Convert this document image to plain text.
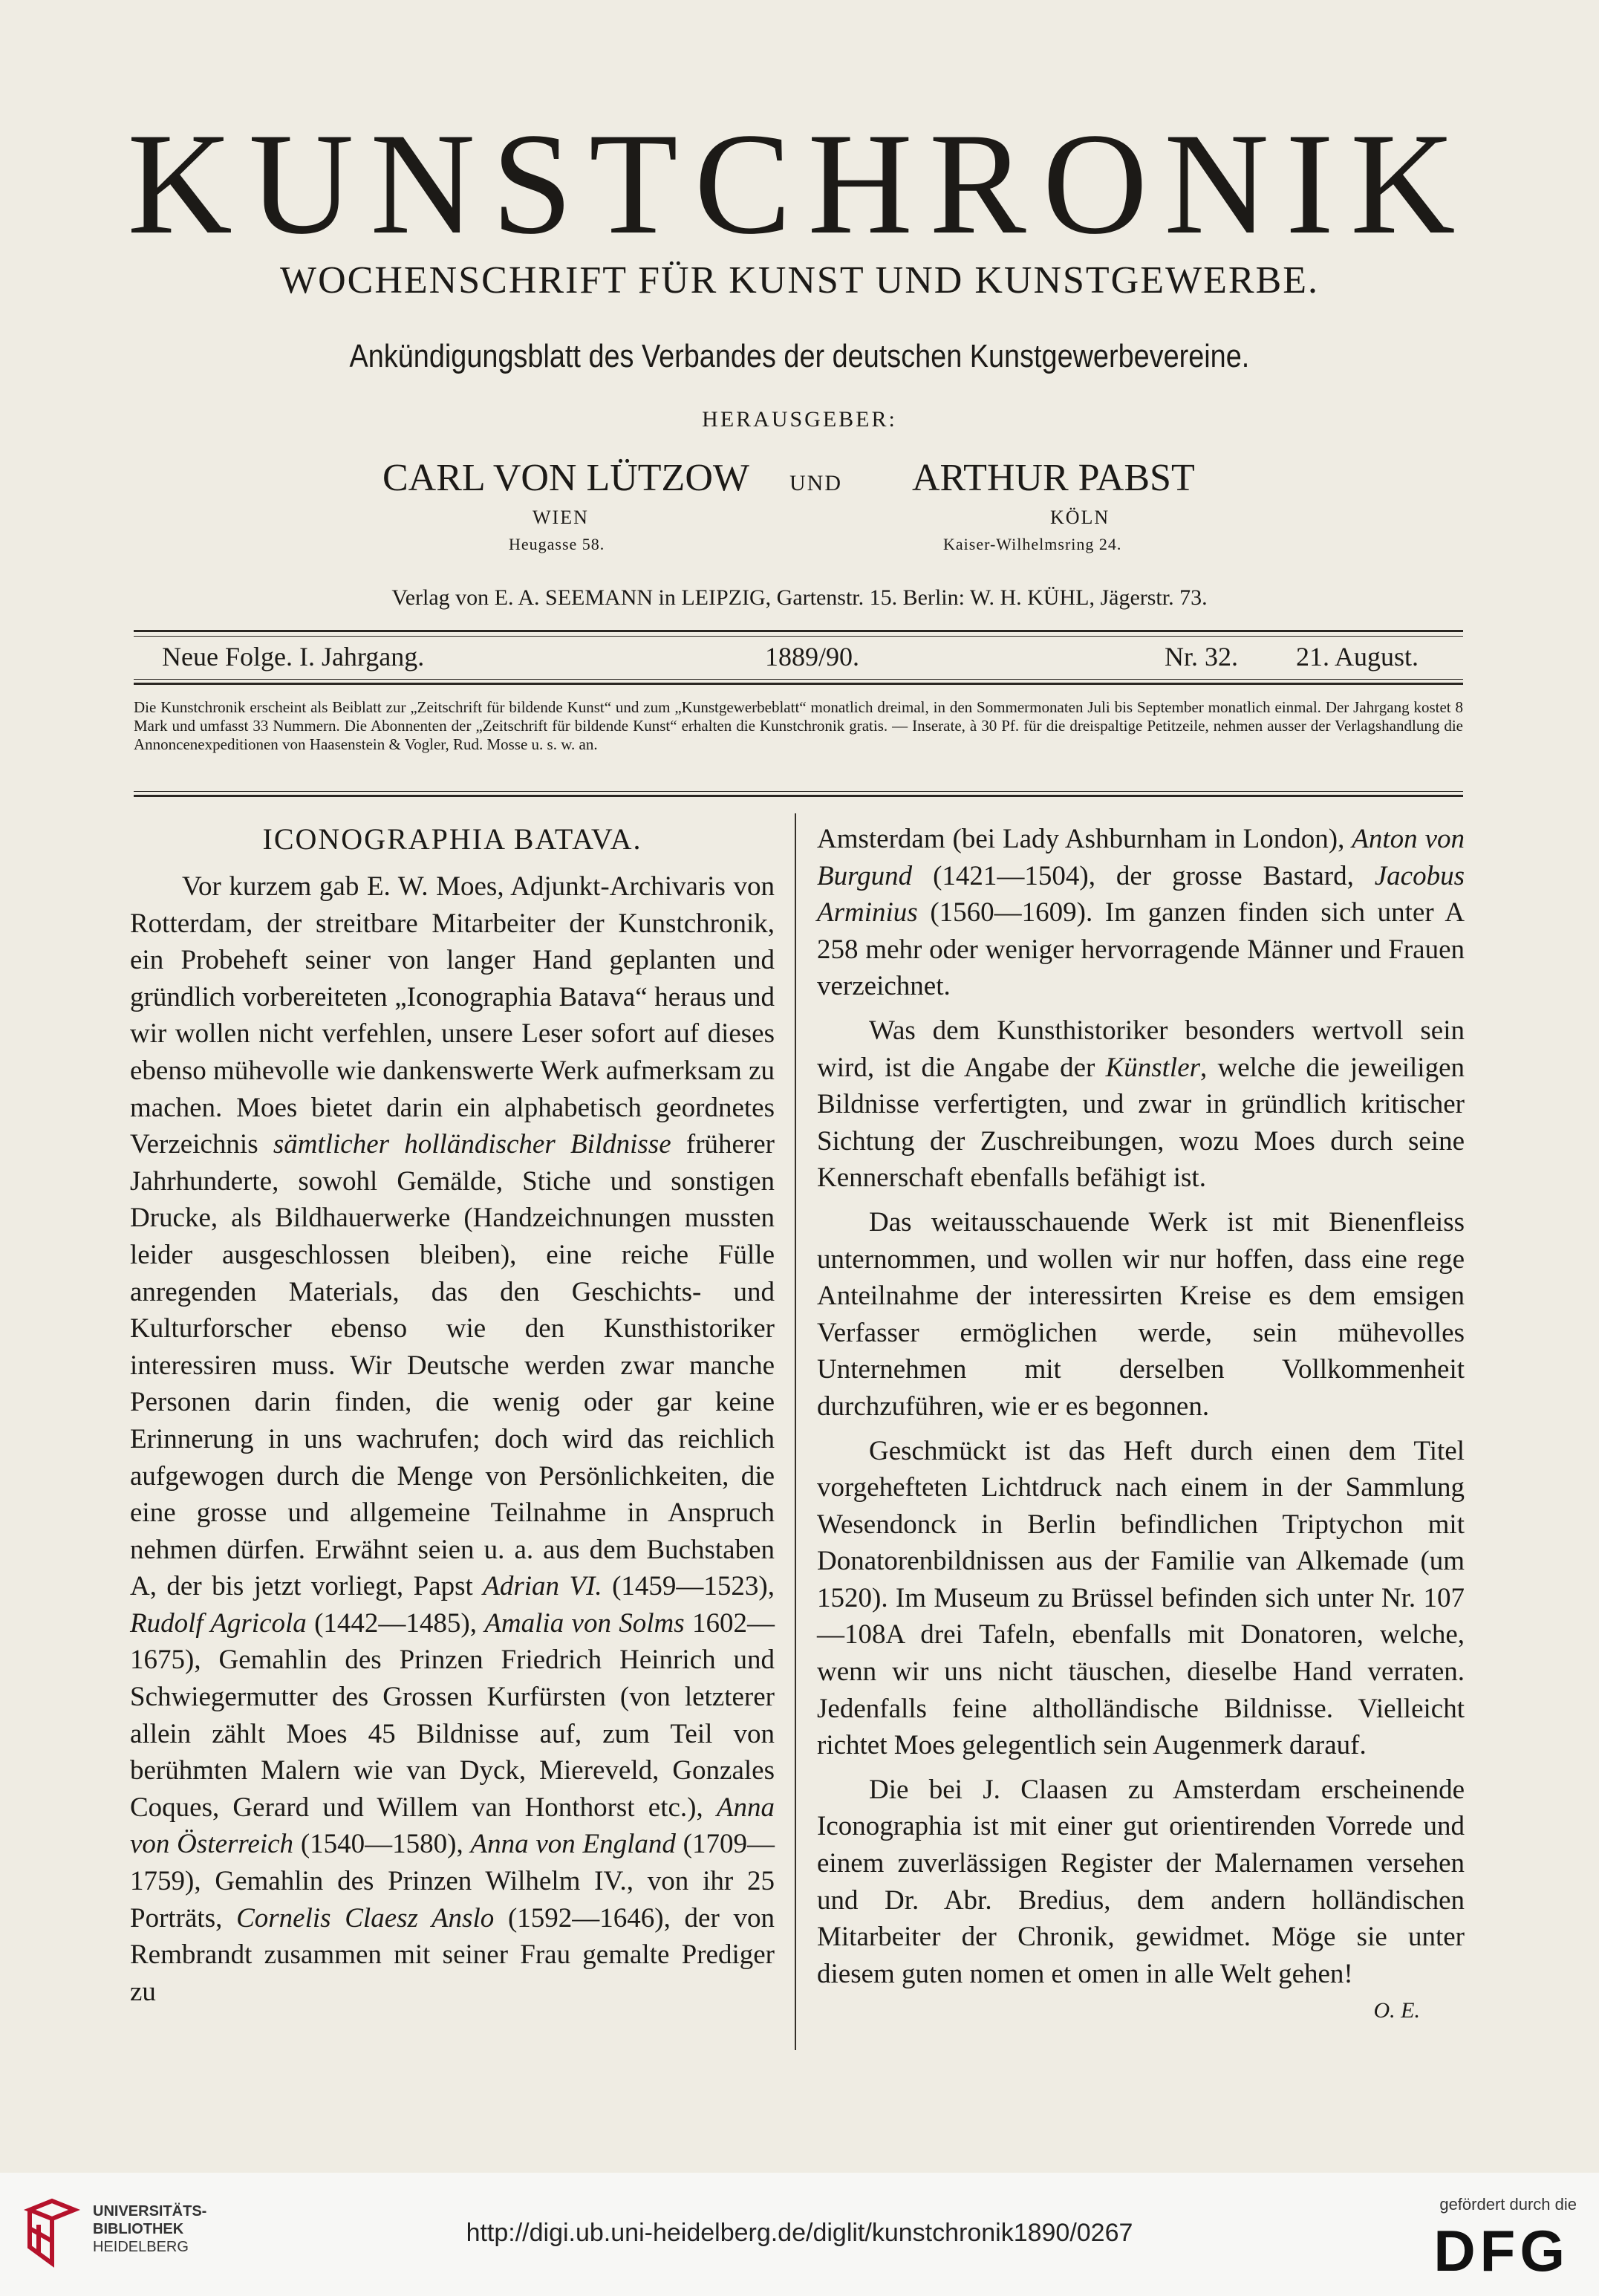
KUNSTCHRONIK
WOCHENSCHRIFT FÜR KUNST UND KUNSTGEWERBE.
Ankündigungsblatt des Verbandes der deutschen Kunstgewerbevereine.
HERAUSGEBER:
CARL VON LÜTZOW UND ARTHUR PABST
WIEN	KÖLN
Heugasse 58.	Kaiser-Wilhelmsring 24.
Verlag von E. A. SEEMANN in LEIPZIG, Gartenstr. 15. Berlin: W. H. KÜHL, Jägerstr. 73.
Neue Folge. I. Jahrgang.	1889/90.	Nr. 32. 21. August.
Die Kunstchronik erscheint als Beiblatt zur „Zeitschrift für bildende Kunst“ und zum „Kunstgewerbeblatt“ monatlich dreimal, in den Sommermonaten Juli bis September monatlich einmal. Der Jahrgang kostet 8 Mark und umfasst 33 Nummern. Die Abonnenten der „Zeitschrift für bildende Kunst“ erhalten die Kunstchronik gratis. — Inserate, à 30 Pf. für die dreispaltige Petitzeile, nehmen ausser der Verlagshandlung die Annoncenexpeditionen von Haasenstein & Vogler, Rud. Mosse u. s. w. an.
ICONOGRAPHIA BATAVA.

Vor kurzem gab E. W. Moes, Adjunkt-Archivaris von Rotterdam, der streitbare Mitarbeiter der Kunstchronik, ein Probeheft seiner von langer Hand geplanten und gründlich vorbereiteten „Iconographia Batava“ heraus und wir wollen nicht verfehlen, unsere Leser sofort auf dieses ebenso mühevolle wie dankenswerte Werk aufmerksam zu machen. Moes bietet darin ein alphabetisch geordnetes Verzeichnis sämtlicher holländischer Bildnisse früherer Jahrhunderte, sowohl Gemälde, Stiche und sonstigen Drucke, als Bildhauerwerke (Handzeichnungen mussten leider ausgeschlossen bleiben), eine reiche Fülle anregenden Materials, das den Geschichts- und Kulturforscher ebenso wie den Kunsthistoriker interessiren muss. Wir Deutsche werden zwar manche Personen darin finden, die wenig oder gar keine Erinnerung in uns wachrufen; doch wird das reichlich aufgewogen durch die Menge von Persönlichkeiten, die eine grosse und allgemeine Teilnahme in Anspruch nehmen dürfen. Erwähnt seien u. a. aus dem Buchstaben A, der bis jetzt vorliegt, Papst Adrian VI. (1459—1523), Rudolf Agricola (1442—1485), Amalia von Solms 1602—1675), Gemahlin des Prinzen Friedrich Heinrich und Schwiegermutter des Grossen Kurfürsten (von letzterer allein zählt Moes 45 Bildnisse auf, zum Teil von berühmten Malern wie van Dyck, Miereveld, Gonzales Coques, Gerard und Willem van Honthorst etc.), Anna von Österreich (1540—1580), Anna von England (1709—1759), Gemahlin des Prinzen Wilhelm IV., von ihr 25 Porträts, Cornelis Claesz Anslo (1592—1646), der von Rembrandt zusammen mit seiner Frau gemalte Prediger zu

Amsterdam (bei Lady Ashburnham in London), Anton von Burgund (1421—1504), der grosse Bastard, Jacobus Arminius (1560—1609). Im ganzen finden sich unter A 258 mehr oder weniger hervorragende Männer und Frauen verzeichnet.

Was dem Kunsthistoriker besonders wertvoll sein wird, ist die Angabe der Künstler, welche die jeweiligen Bildnisse verfertigten, und zwar in gründlich kritischer Sichtung der Zuschreibungen, wozu Moes durch seine Kennerschaft ebenfalls befähigt ist.

Das weitausschauende Werk ist mit Bienenfleiss unternommen, und wollen wir nur hoffen, dass eine rege Anteilnahme der interessirten Kreise es dem emsigen Verfasser ermöglichen werde, sein mühevolles Unternehmen mit derselben Vollkommenheit durchzuführen, wie er es begonnen.

Geschmückt ist das Heft durch einen dem Titel vorgehefteten Lichtdruck nach einem in der Sammlung Wesendonck in Berlin befindlichen Triptychon mit Donatorenbildnissen aus der Familie van Alkemade (um 1520). Im Museum zu Brüssel befinden sich unter Nr. 107—108A drei Tafeln, ebenfalls mit Donatoren, welche, wenn wir uns nicht täuschen, dieselbe Hand verraten. Jedenfalls feine altholländische Bildnisse. Vielleicht richtet Moes gelegentlich sein Augenmerk darauf.

Die bei J. Claasen zu Amsterdam erscheinende Iconographia ist mit einer gut orientirenden Vorrede und einem zuverlässigen Register der Malernamen versehen und Dr. Abr. Bredius, dem andern holländischen Mitarbeiter der Chronik, gewidmet. Möge sie unter diesem guten nomen et omen in alle Welt gehen!
O. E.

UNIVERSITÄTS-
BIBLIOTHEK
HEIDELBERG	http://digi.ub.uni-heidelberg.de/diglit/kunstchronik1890/0267
gefördert durch die
DFG
